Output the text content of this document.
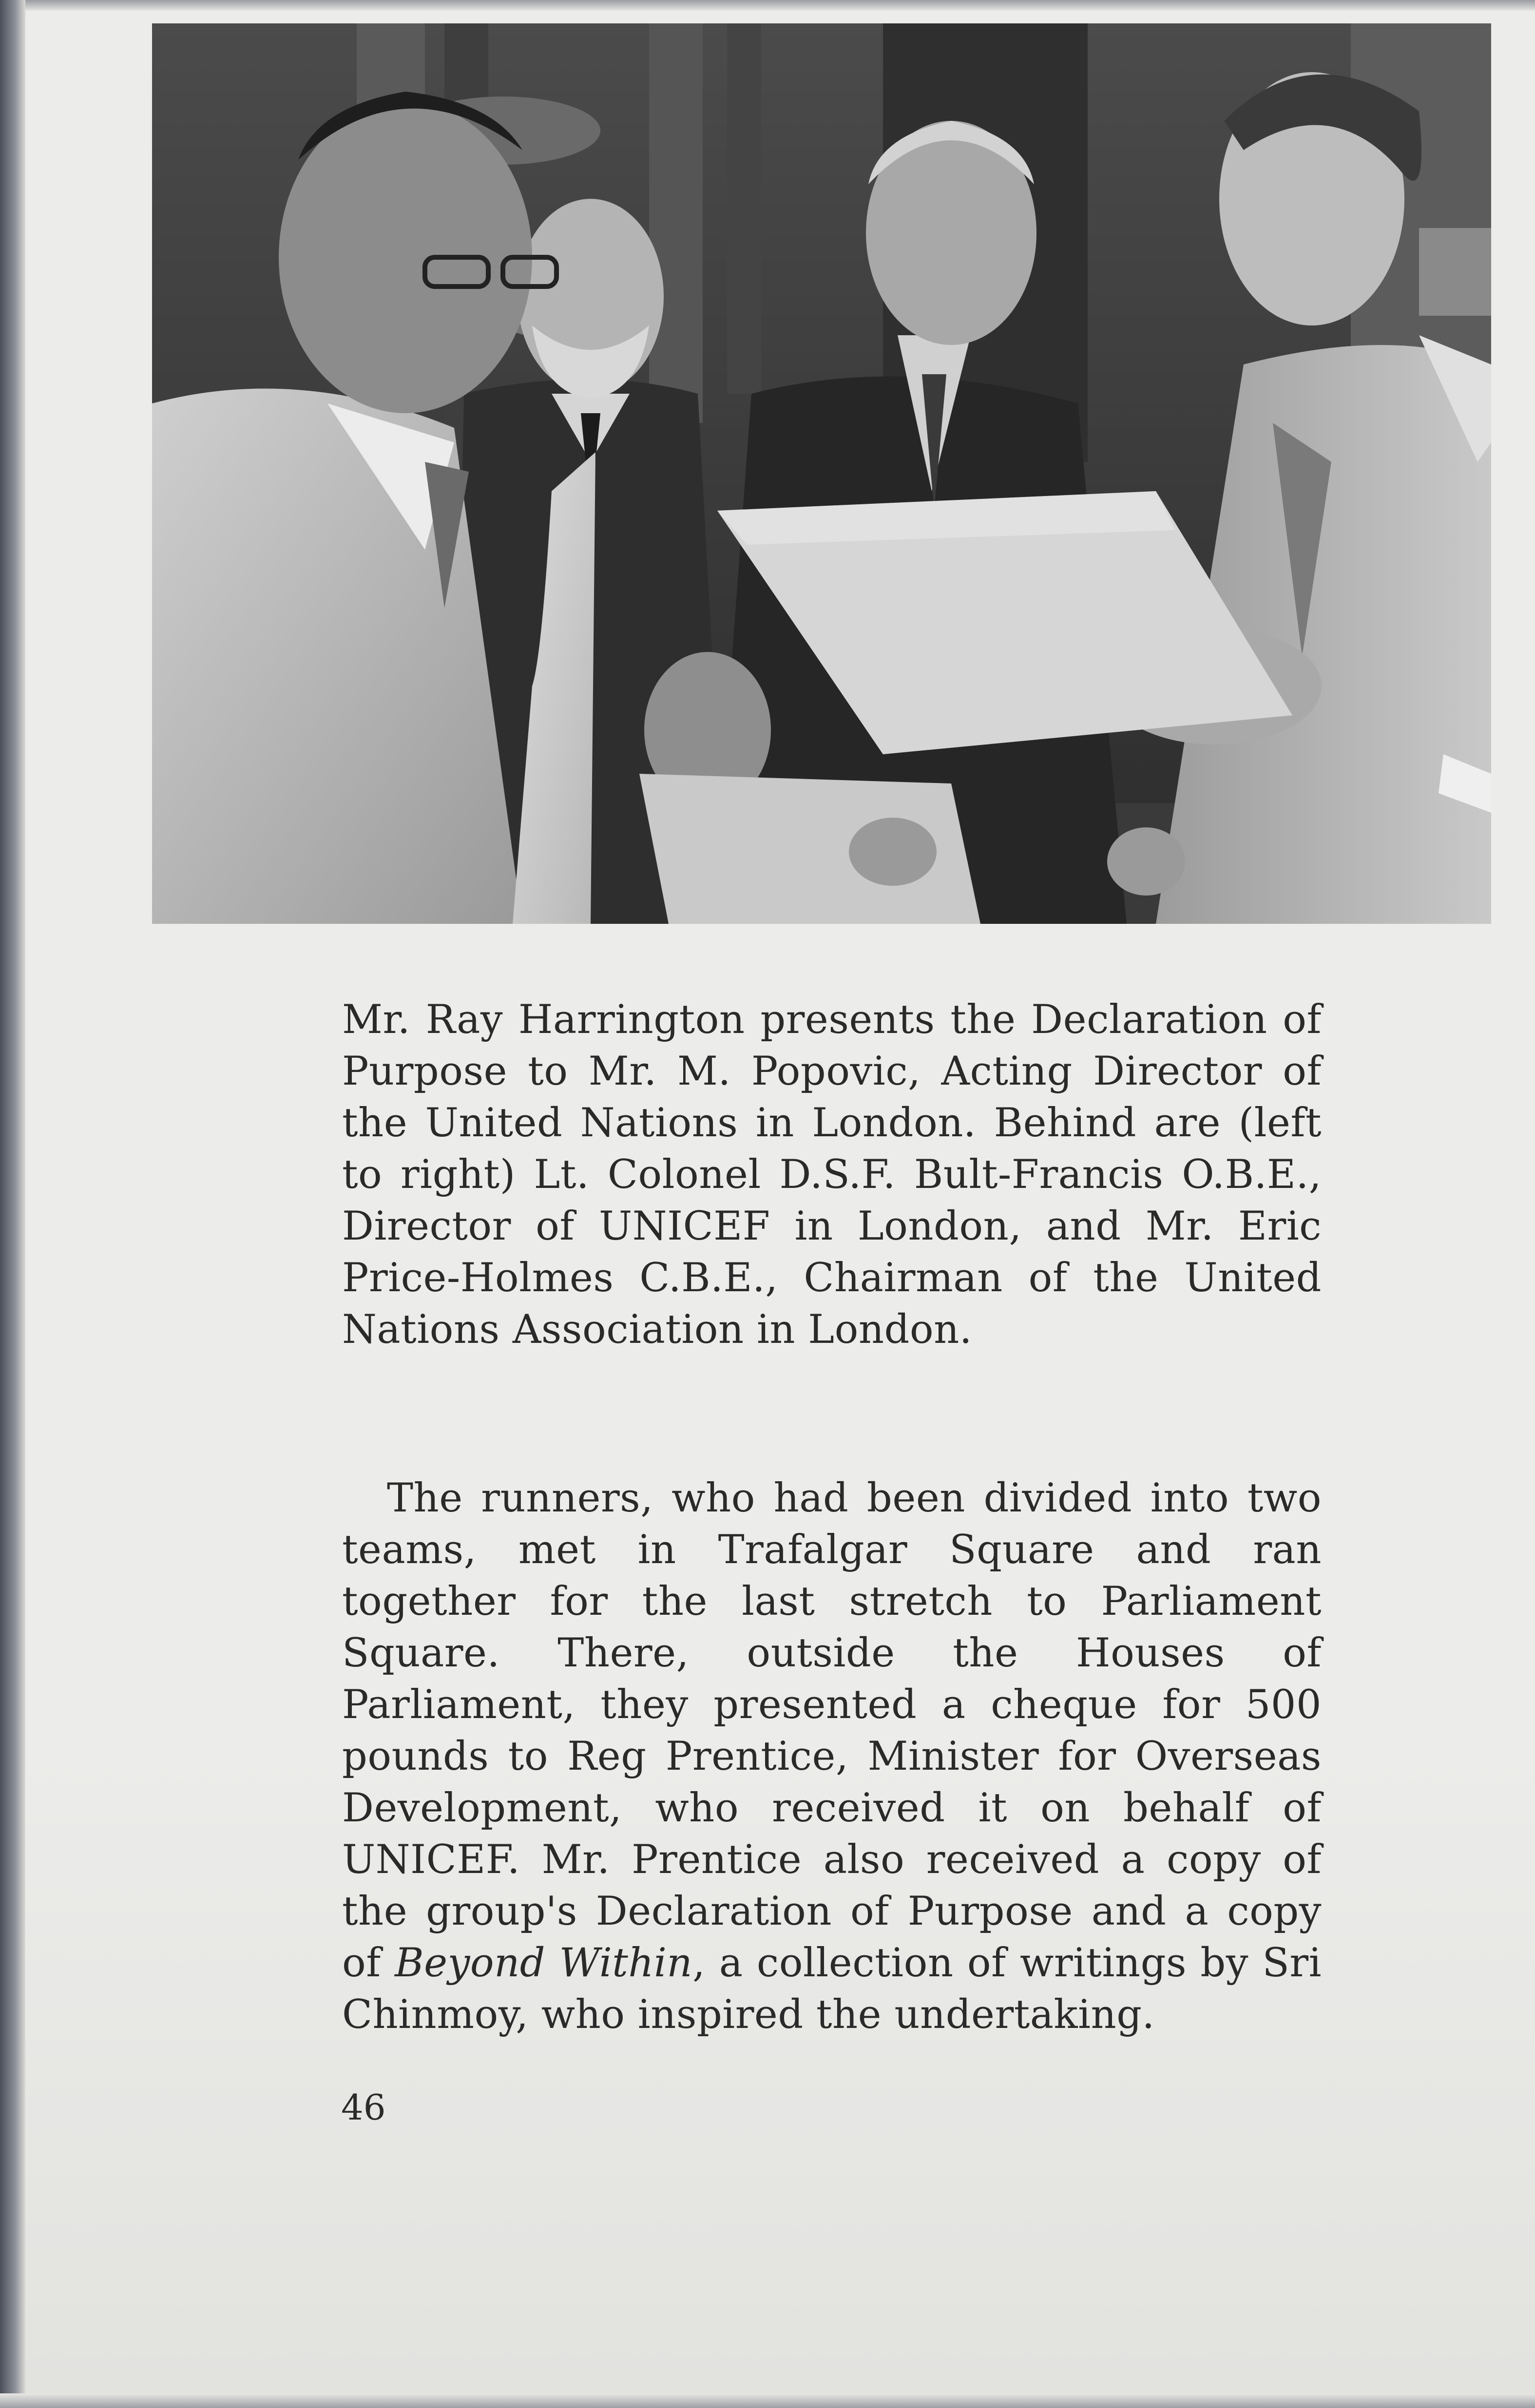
Mr. Ray Harrington presents the Declaration of Purpose to Mr. M. Popovic, Acting Director of the United Nations in London. Behind are (left to right) Lt. Colonel D.S.F. Bult-Francis O.B.E., Director of UNICEF in London, and Mr. Eric Price-Holmes C.B.E., Chairman of the United Nations Association in London.

The runners, who had been divided into two teams, met in Trafalgar Square and ran together for the last stretch to Parliament Square. There, outside the Houses of Parliament, they presented a cheque for 500 pounds to Reg Prentice, Minister for Overseas Development, who received it on behalf of UNICEF. Mr. Prentice also received a copy of the group's Declaration of Purpose and a copy of Beyond Within, a collection of writings by Sri Chinmoy, who inspired the undertaking.

46
